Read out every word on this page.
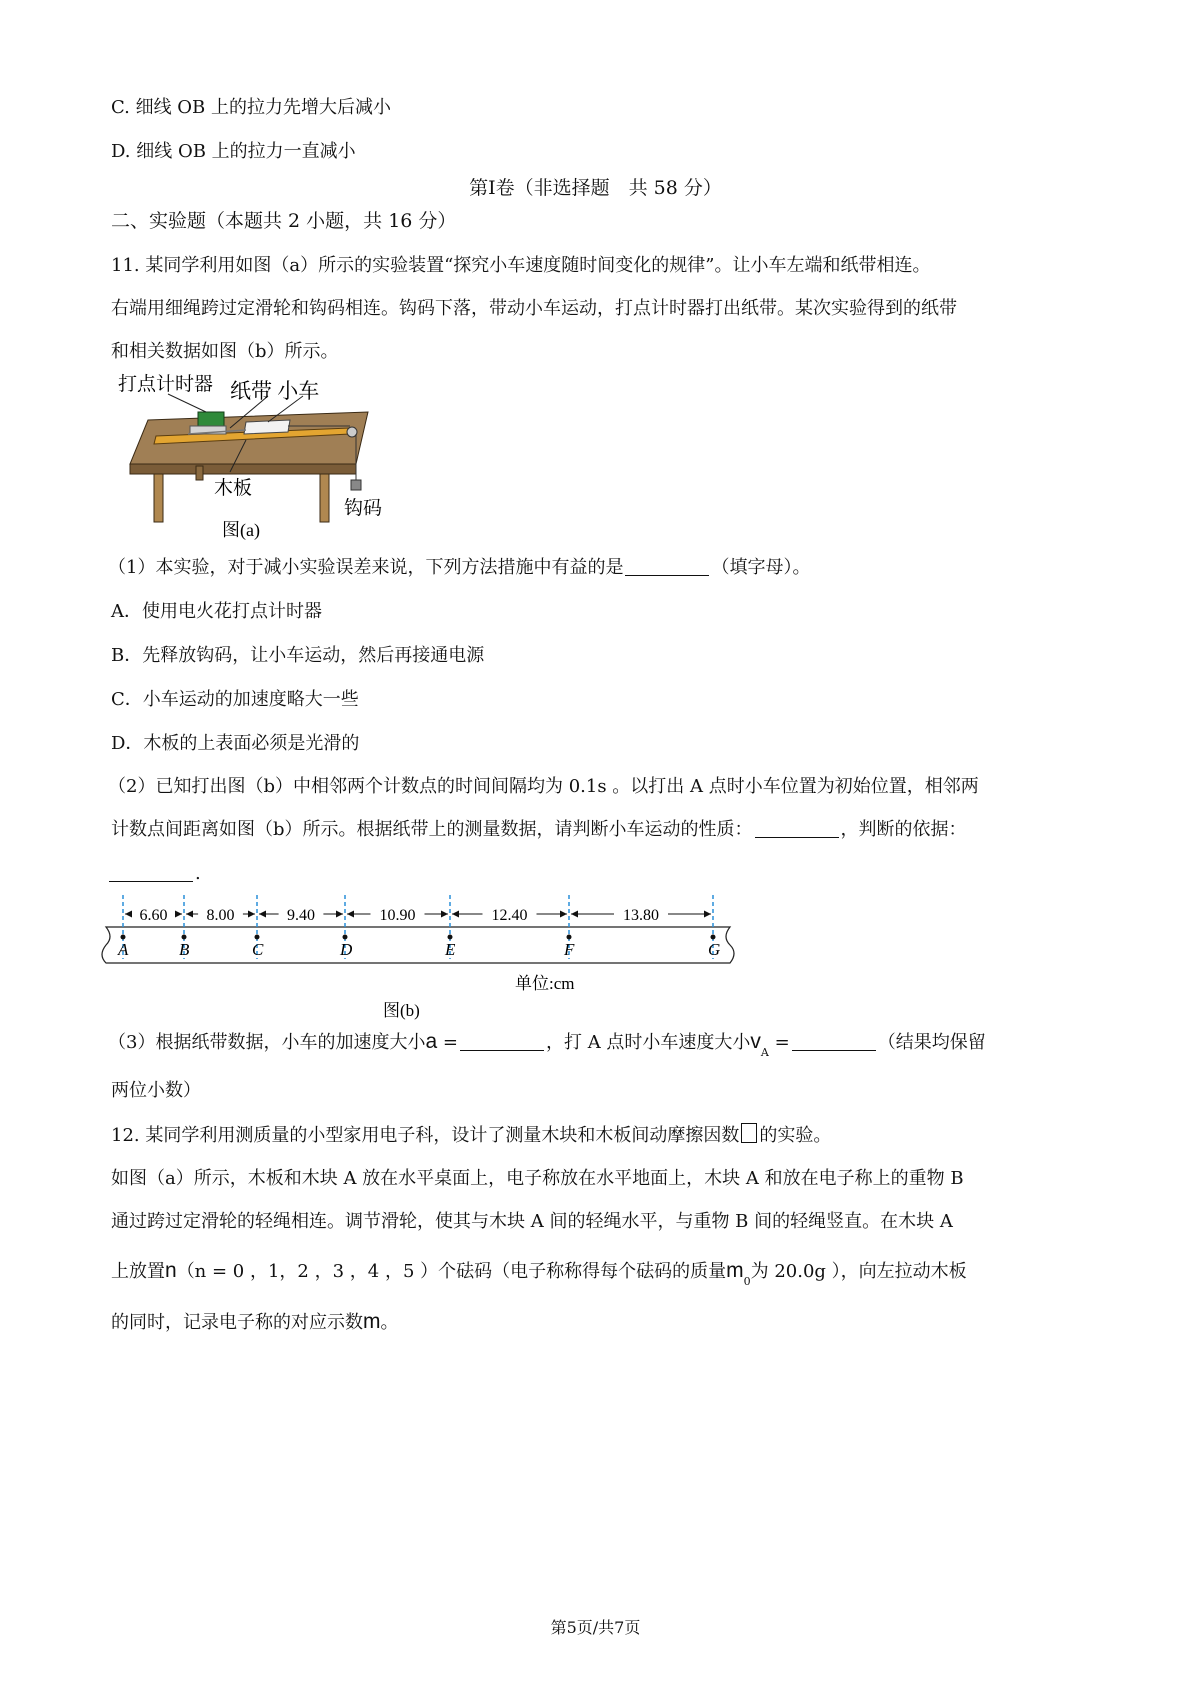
C. 细线 OB 上的拉力先增大后减小
D. 细线 OB 上的拉力一直减小
第Ⅰ卷（非选择题　共 58 分）
二、实验题（本题共 2 小题，共 16 分）
11. 某同学利用如图（a）所示的实验装置“探究小车速度随时间变化的规律”。让小车左端和纸带相连。
右端用细绳跨过定滑轮和钩码相连。钩码下落，带动小车运动，打点计时器打出纸带。某次实验得到的纸带
和相关数据如图（b）所示。
打点计时器 纸带 小车
木板
钩码
图(a)
（1）本实验，对于减小实验误差来说，下列方法措施中有益的是	（填字母）。
A．使用电火花打点计时器
B．先释放钩码，让小车运动，然后再接通电源
C．小车运动的加速度略大一些
D．木板的上表面必须是光滑的
（2）已知打出图（b）中相邻两个计数点的时间间隔均为 0.1s 。以打出 A 点时小车位置为初始位置，相邻两
计数点间距离如图（b）所示。根据纸带上的测量数据，请判断小车运动的性质：	，判断的依据：
.
A	B	C	D	E	F	G
6.60 8.00	9.40	10.90	12.40	13.80
单位:cm
图(b)
（3）根据纸带数据，小车的加速度大小a =	，打 A 点时小车速度大小$v_A$ =	（结果均保留
两位小数）
12. 某同学利用测质量的小型家用电子科，设计了测量木块和木板间动摩擦因数 的实验。
如图（a）所示，木板和木块 A 放在水平桌面上，电子称放在水平地面上，木块 A 和放在电子称上的重物 B
通过跨过定滑轮的轻绳相连。调节滑轮，使其与木块 A 间的轻绳水平，与重物 B 间的轻绳竖直。在木块 A
上放置n（n = 0 ，1，2 ，3 ，4 ，5 ）个砝码（电子称称得每个砝码的质量$m_0$为 20.0g ），向左拉动木板
的同时，记录电子称的对应示数m。
第5页/共7页
